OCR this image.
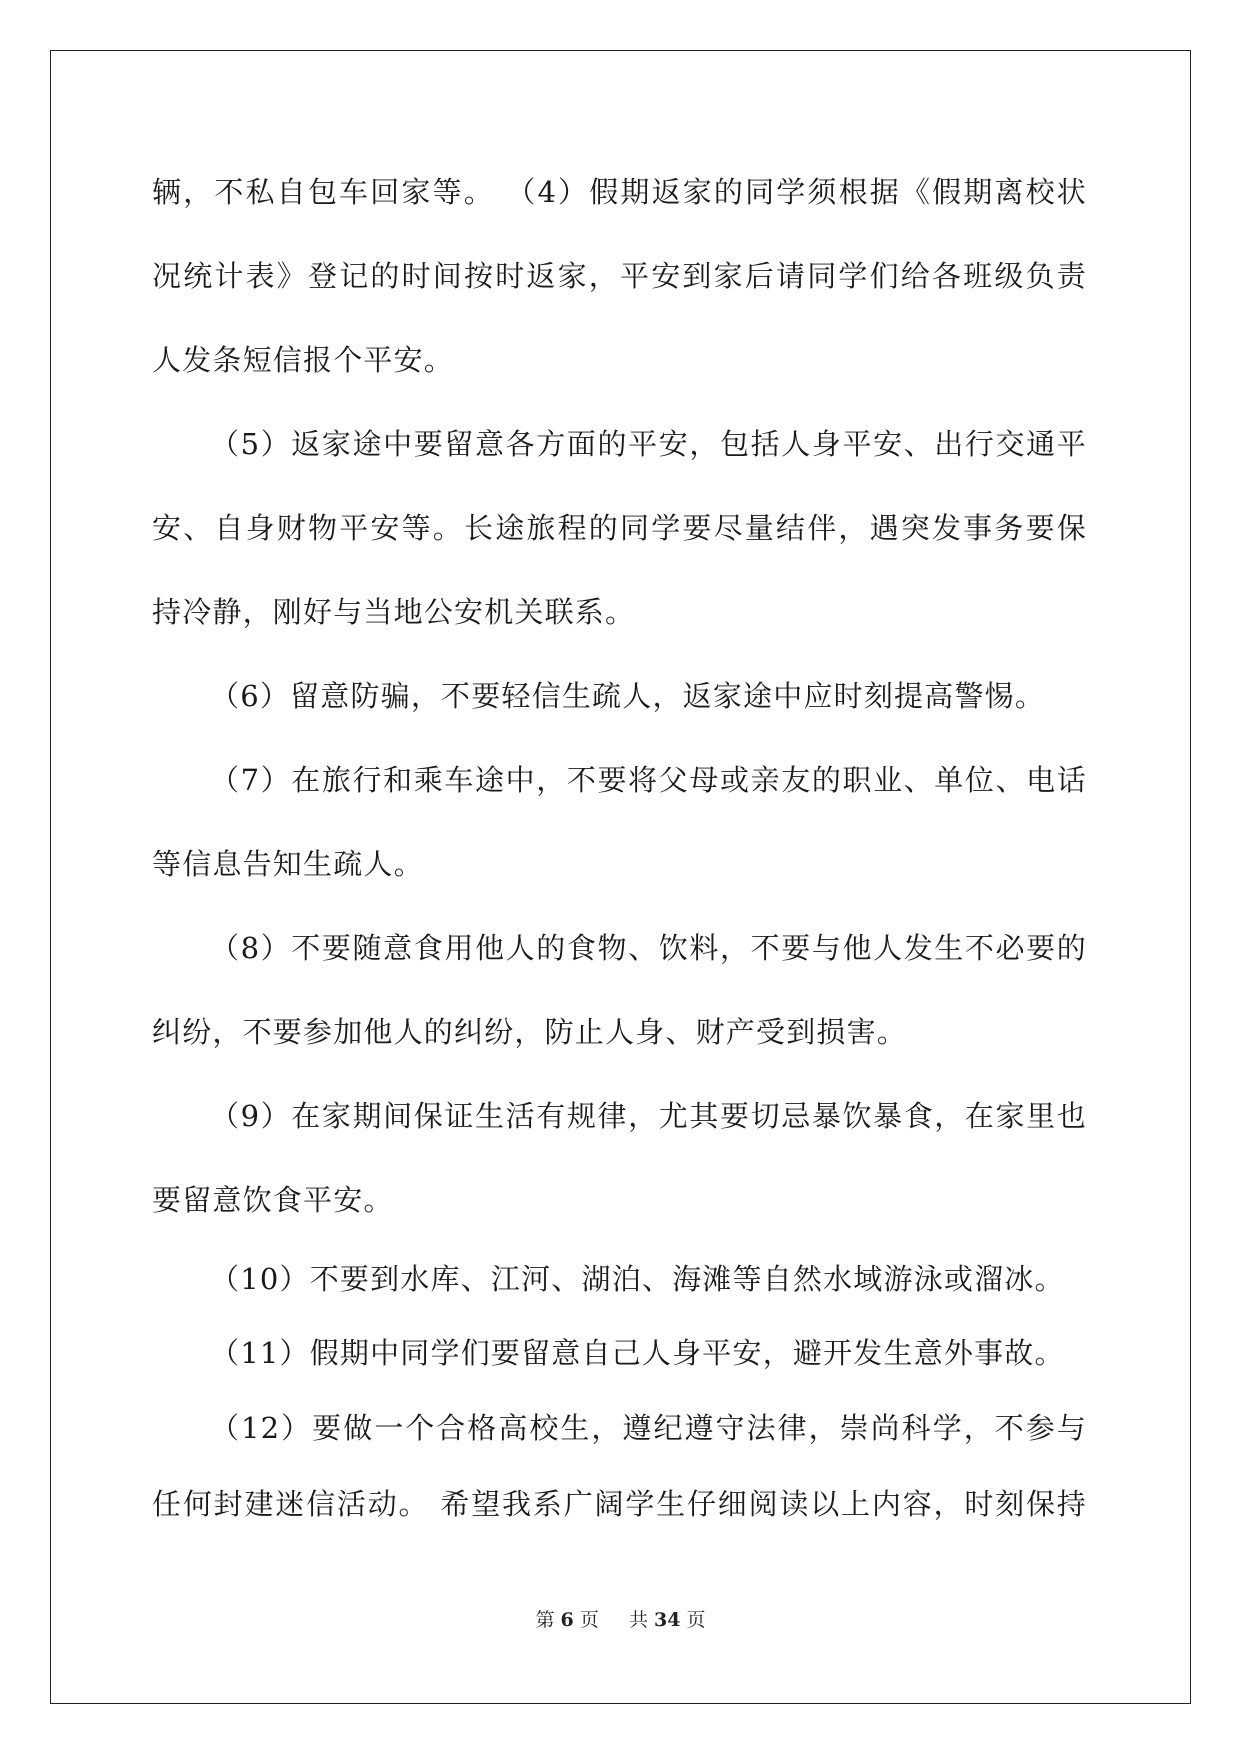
辆，不私自包车回家等。 （4）假期返家的同学须根据《假期离校状
况统计表》登记的时间按时返家，平安到家后请同学们给各班级负责
人发条短信报个平安。
（5）返家途中要留意各方面的平安，包括人身平安、出行交通平
安、自身财物平安等。长途旅程的同学要尽量结伴，遇突发事务要保
持冷静，刚好与当地公安机关联系。
（6）留意防骗，不要轻信生疏人，返家途中应时刻提高警惕。
（7）在旅行和乘车途中，不要将父母或亲友的职业、单位、电话
等信息告知生疏人。
（8）不要随意食用他人的食物、饮料，不要与他人发生不必要的
纠纷，不要参加他人的纠纷，防止人身、财产受到损害。
（9）在家期间保证生活有规律，尤其要切忌暴饮暴食，在家里也
要留意饮食平安。
（10）不要到水库、江河、湖泊、海滩等自然水域游泳或溜冰。
（11）假期中同学们要留意自己人身平安，避开发生意外事故。
（12）要做一个合格高校生，遵纪遵守法律，崇尚科学，不参与
任何封建迷信活动。 希望我系广阔学生仔细阅读以上内容，时刻保持
第 6 页 共 34 页
